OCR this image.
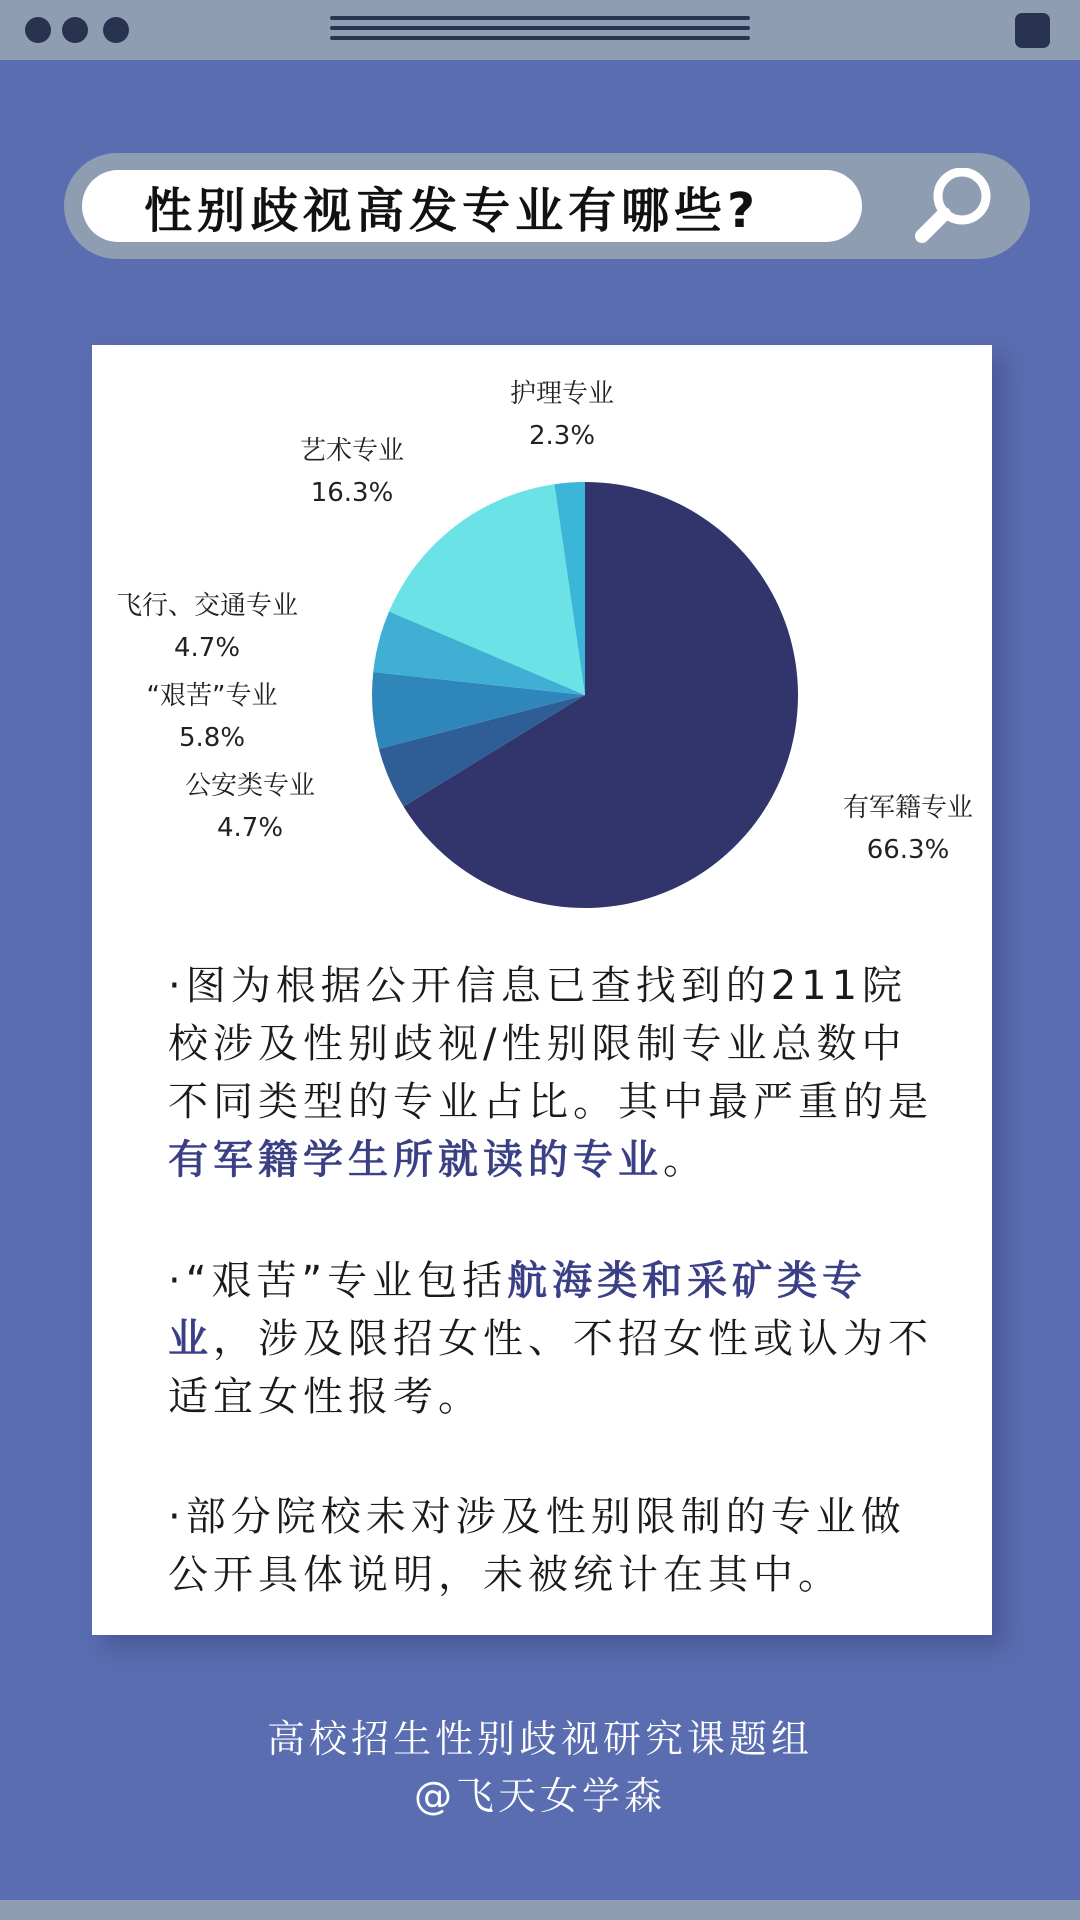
性别歧视高发专业有哪些?
有军籍专业
66.3%
公安类专业
4.7%
“艰苦”专业
5.8%
飞行、交通专业
4.7%
艺术专业
16.3%
护理专业
2.3%

·图为根据公开信息已查找到的211院校涉及性别歧视/性别限制专业总数中不同类型的专业占比。其中最严重的是有军籍学生所就读的专业。

·“艰苦”专业包括航海类和采矿类专业，涉及限招女性、不招女性或认为不适宜女性报考。

·部分院校未对涉及性别限制的专业做公开具体说明，未被统计在其中。

高校招生性别歧视研究课题组
@飞天女学森
